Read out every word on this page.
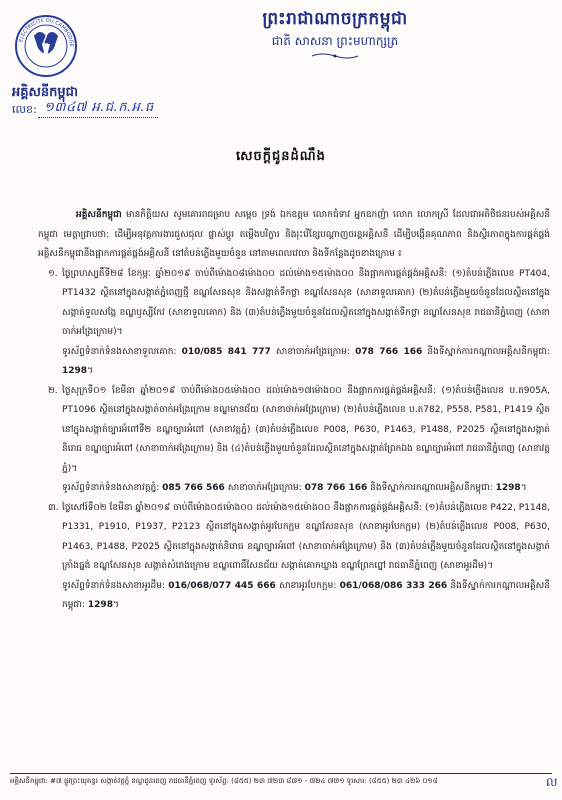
ព្រះរាជាណាចក្រកម្ពុជា
ជាតិ សាសនា ព្រះមហាក្សត្រ
ELECTRICITE DU CAMBODGE
អគ្គិសនីកម្ពុជា
លេខ: ១៣៤៧ អ.ជ.ក.អ.ធ
សេចក្តីជូនដំណឹង

អគ្គិសនីកម្ពុជា មានកិត្តិយស សូមគោរពជម្រាប សម្តេច ទ្រង់ ឯកឧត្តម លោកជំទាវ អ្នកឧកញ៉ា លោក លោកស្រី ដែលជាអតិថិជនរបស់អគ្គិសនីកម្ពុជា មេត្តាជ្រាបថា: ដើម្បីអនុវត្តការងារជួសជុល ផ្លាស់ប្តូរ តម្លើងបរិក្ខារ និងរុះរើខ្សែបណ្តាញចរន្តអគ្គិសនី ដើម្បីបង្កើនគុណភាព និងស្ថិរភាពក្នុងការផ្គត់ផ្គង់ អគ្គិសនីកម្ពុជានឹងផ្អាកការផ្គត់ផ្គង់អគ្គិសនី នៅតំបន់ភ្លើងមួយចំនួន នៅតាមពេលវេលា និងទីកន្លែងដូចខាងក្រោម ៖

១. ថ្ងៃព្រហស្បតិ៍ទី២៨ ខែកុម្ភៈ ឆ្នាំ២០១៩ ចាប់ពីម៉ោង០៨ម៉ោង០០ ដល់ម៉ោង១៥ម៉ោង០០ នឹងផ្អាកការផ្គត់ផ្គង់អគ្គិសនី: (១)តំបន់ភ្លើងលេខ PT404, PT1432 ស្ថិតនៅក្នុងសង្កាត់ភ្នំពេញថ្មី ខណ្ឌសែនសុខ និងសង្កាត់ទឹកថ្លា ខណ្ឌសែនសុខ (សាខាទួលគោក) (២)តំបន់ភ្លើងមួយចំនួនដែលស្ថិតនៅក្នុងសង្កាត់ទួលសង្កែ ខណ្ឌឫស្សីកែវ (សាខាទួលគោក) និង (៣)តំបន់ភ្លើងមួយចំនួនដែលស្ថិតនៅក្នុងសង្កាត់ទឹកថ្លា ខណ្ឌសែនសុខ រាជធានីភ្នំពេញ (សាខាចាក់អង្រែក្រោម)។
ទូរស័ព្ទទំនាក់ទំនងសាខាទួលគោក: 010/085 841 777 សាខាចាក់អង្រែក្រោម: 078 766 166 និងទីស្នាក់ការកណ្តាលអគ្គិសនីកម្ពុជា: 1298។

២. ថ្ងៃសុក្រទី០១ ខែមីនា ឆ្នាំ២០១៩ ចាប់ពីម៉ោង០៥ម៉ោង០០ ដល់ម៉ោង១៧ម៉ោង០០ នឹងផ្អាកការផ្គត់ផ្គង់អគ្គិសនី: (១)តំបន់ភ្លើងលេខ ប.ត905A, PT1096 ស្ថិតនៅក្នុងសង្កាត់ចាក់អង្រែក្រោម ខណ្ឌមានជ័យ (សាខាចាក់អង្រែក្រោម) (២)តំបន់ភ្លើងលេខ ប.ត782, P558, P581, P1419 ស្ថិតនៅក្នុងសង្កាត់ច្បារអំពៅទី២ ខណ្ឌច្បារអំពៅ (សាខាវត្តភ្នំ) (៣)តំបន់ភ្លើងលេខ P008, P630, P1463, P1488, P2025 ស្ថិតនៅក្នុងសង្កាត់និរោធ ខណ្ឌច្បារអំពៅ (សាខាចាក់អង្រែក្រោម) និង (៤)តំបន់ភ្លើងមួយចំនួនដែលស្ថិតនៅក្នុងសង្កាត់ព្រែកឯង ខណ្ឌច្បារអំពៅ រាជធានីភ្នំពេញ (សាខាវត្តភ្នំ)។
ទូរស័ព្ទទំនាក់ទំនងសាខាវត្តភ្នំ: 085 766 566 សាខាចាក់អង្រែក្រោម: 078 766 166 និងទីស្នាក់ការកណ្តាលអគ្គិសនីកម្ពុជា: 1298។

៣. ថ្ងៃសៅរ៍ទី០២ ខែមីនា ឆ្នាំ២០១៩ ចាប់ពីម៉ោង០៥ម៉ោង០០ ដល់ម៉ោង១៥ម៉ោង០០ នឹងផ្អាកការផ្គត់ផ្គង់អគ្គិសនី: (១)តំបន់ភ្លើងលេខ P422, P1148, P1331, P1910, P1937, P2123 ស្ថិតនៅក្នុងសង្កាត់អូរបែកក្អម ខណ្ឌសែនសុខ (សាខាអូរបែកក្អម) (២)តំបន់ភ្លើងលេខ P008, P630, P1463, P1488, P2025 ស្ថិតនៅក្នុងសង្កាត់និរោធ ខណ្ឌច្បារអំពៅ (សាខាចាក់អង្រែក្រោម) និង (៣)តំបន់ភ្លើងមួយចំនួនដែលស្ថិតនៅក្នុងសង្កាត់ក្រាំងធ្នង់ ខណ្ឌសែនសុខ សង្កាត់សំរោងក្រោម ខណ្ឌពោធិ៍សែនជ័យ សង្កាត់គោកឃ្លាង ខណ្ឌព្រែកព្នៅ រាជធានីភ្នំពេញ (សាខាអូរដឹម)។
ទូរស័ព្ទទំនាក់ទំនងសាខាអូរដឹម: 016/068/077 445 666 សាខាអូរបែកក្អម: 061/068/086 333 266 និងទីស្នាក់ការកណ្តាលអគ្គិសនីកម្ពុជា: 1298។

អគ្គិសនីកម្ពុជា: #៧ ផ្លូវព្រះយុគន្ធរ សង្កាត់វត្តភ្នំ ខណ្ឌដូនពេញ រាជធានីភ្នំពេញ ទូរស័ព្ទ: (៨៥៥) ២៣ ៧២៣ ៨៧១ - ៧២៤ ៧៧១ ទូរសារ: (៨៥៥) ២៣ ៤២៦ ០១៨	ល
